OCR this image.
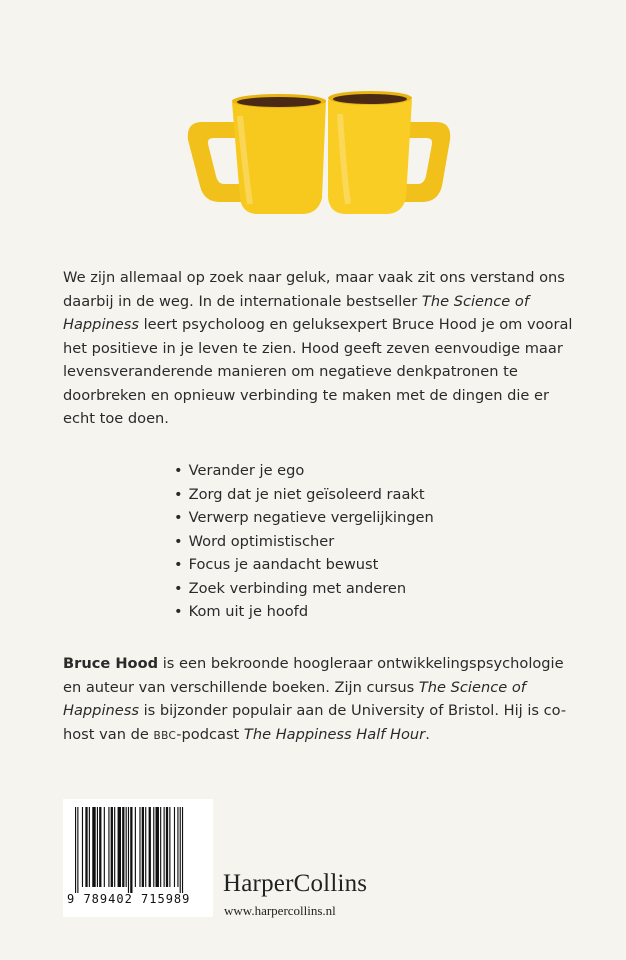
We zijn allemaal op zoek naar geluk, maar vaak zit ons verstand ons daarbij in de weg. In de internationale bestseller The Science of Happiness leert psycholoog en geluksexpert Bruce Hood je om vooral het positieve in je leven te zien. Hood geeft zeven eenvoudige maar levensveranderende manieren om negatieve denkpatronen te doorbreken en opnieuw verbinding te maken met de dingen die er echt toe doen.

• Verander je ego
• Zorg dat je niet geïsoleerd raakt
• Verwerp negatieve vergelijkingen
• Word optimistischer
• Focus je aandacht bewust
• Zoek verbinding met anderen
• Kom uit je hoofd

Bruce Hood is een bekroonde hoogleraar ontwikkelingspsychologie en auteur van verschillende boeken. Zijn cursus The Science of Happiness is bijzonder populair aan de University of Bristol. Hij is co-host van de BBC-podcast The Happiness Half Hour.

9 789402 715989
HarperCollins
www.harpercollins.nl
